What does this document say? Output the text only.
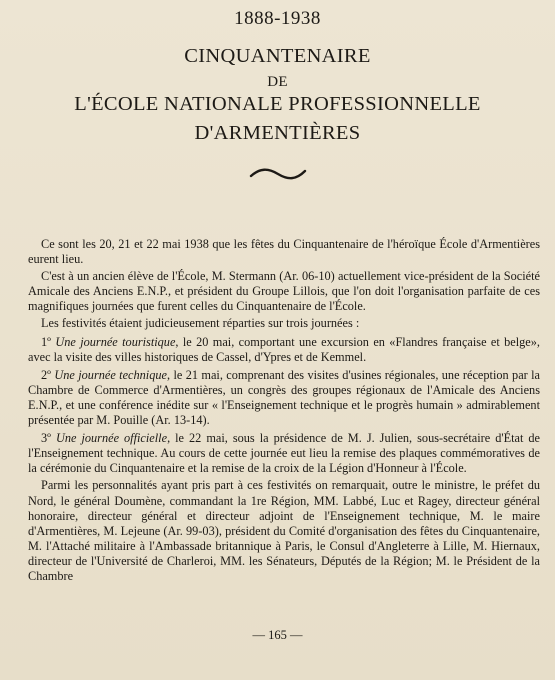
1888-1938
CINQUANTENAIRE
DE
L'ÉCOLE NATIONALE PROFESSIONNELLE
D'ARMENTIÈRES

Ce sont les 20, 21 et 22 mai 1938 que les fêtes du Cinquantenaire de l'héroïque École d'Armentières eurent lieu.

C'est à un ancien élève de l'École, M. Stermann (Ar. 06-10) actuellement vice-président de la Société Amicale des Anciens E.N.P., et président du Groupe Lillois, que l'on doit l'organisation parfaite de ces magnifiques journées que furent celles du Cinquantenaire de l'École.

Les festivités étaient judicieusement réparties sur trois journées :

1º Une journée touristique, le 20 mai, comportant une excursion en «Flandres française et belge», avec la visite des villes historiques de Cassel, d'Ypres et de Kemmel.

2º Une journée technique, le 21 mai, comprenant des visites d'usines régionales, une réception par la Chambre de Commerce d'Armentières, un congrès des groupes régionaux de l'Amicale des Anciens E.N.P., et une conférence inédite sur « l'Enseignement technique et le progrès humain » admirablement présentée par M. Pouille (Ar. 13-14).

3º Une journée officielle, le 22 mai, sous la présidence de M. J. Julien, sous-secrétaire d'État de l'Enseignement technique. Au cours de cette journée eut lieu la remise des plaques commémoratives de la cérémonie du Cinquantenaire et la remise de la croix de la Légion d'Honneur à l'École.

Parmi les personnalités ayant pris part à ces festivités on remarquait, outre le ministre, le préfet du Nord, le général Doumène, commandant la 1re Région, MM. Labbé, Luc et Ragey, directeur général honoraire, directeur général et directeur adjoint de l'Enseignement technique, M. le maire d'Armentières, M. Lejeune (Ar. 99-03), président du Comité d'organisation des fêtes du Cinquantenaire, M. l'Attaché militaire à l'Ambassade britannique à Paris, le Consul d'Angleterre à Lille, M. Hiernaux, directeur de l'Université de Charleroi, MM. les Sénateurs, Députés de la Région; M. le Président de la Chambre

— 165 —
